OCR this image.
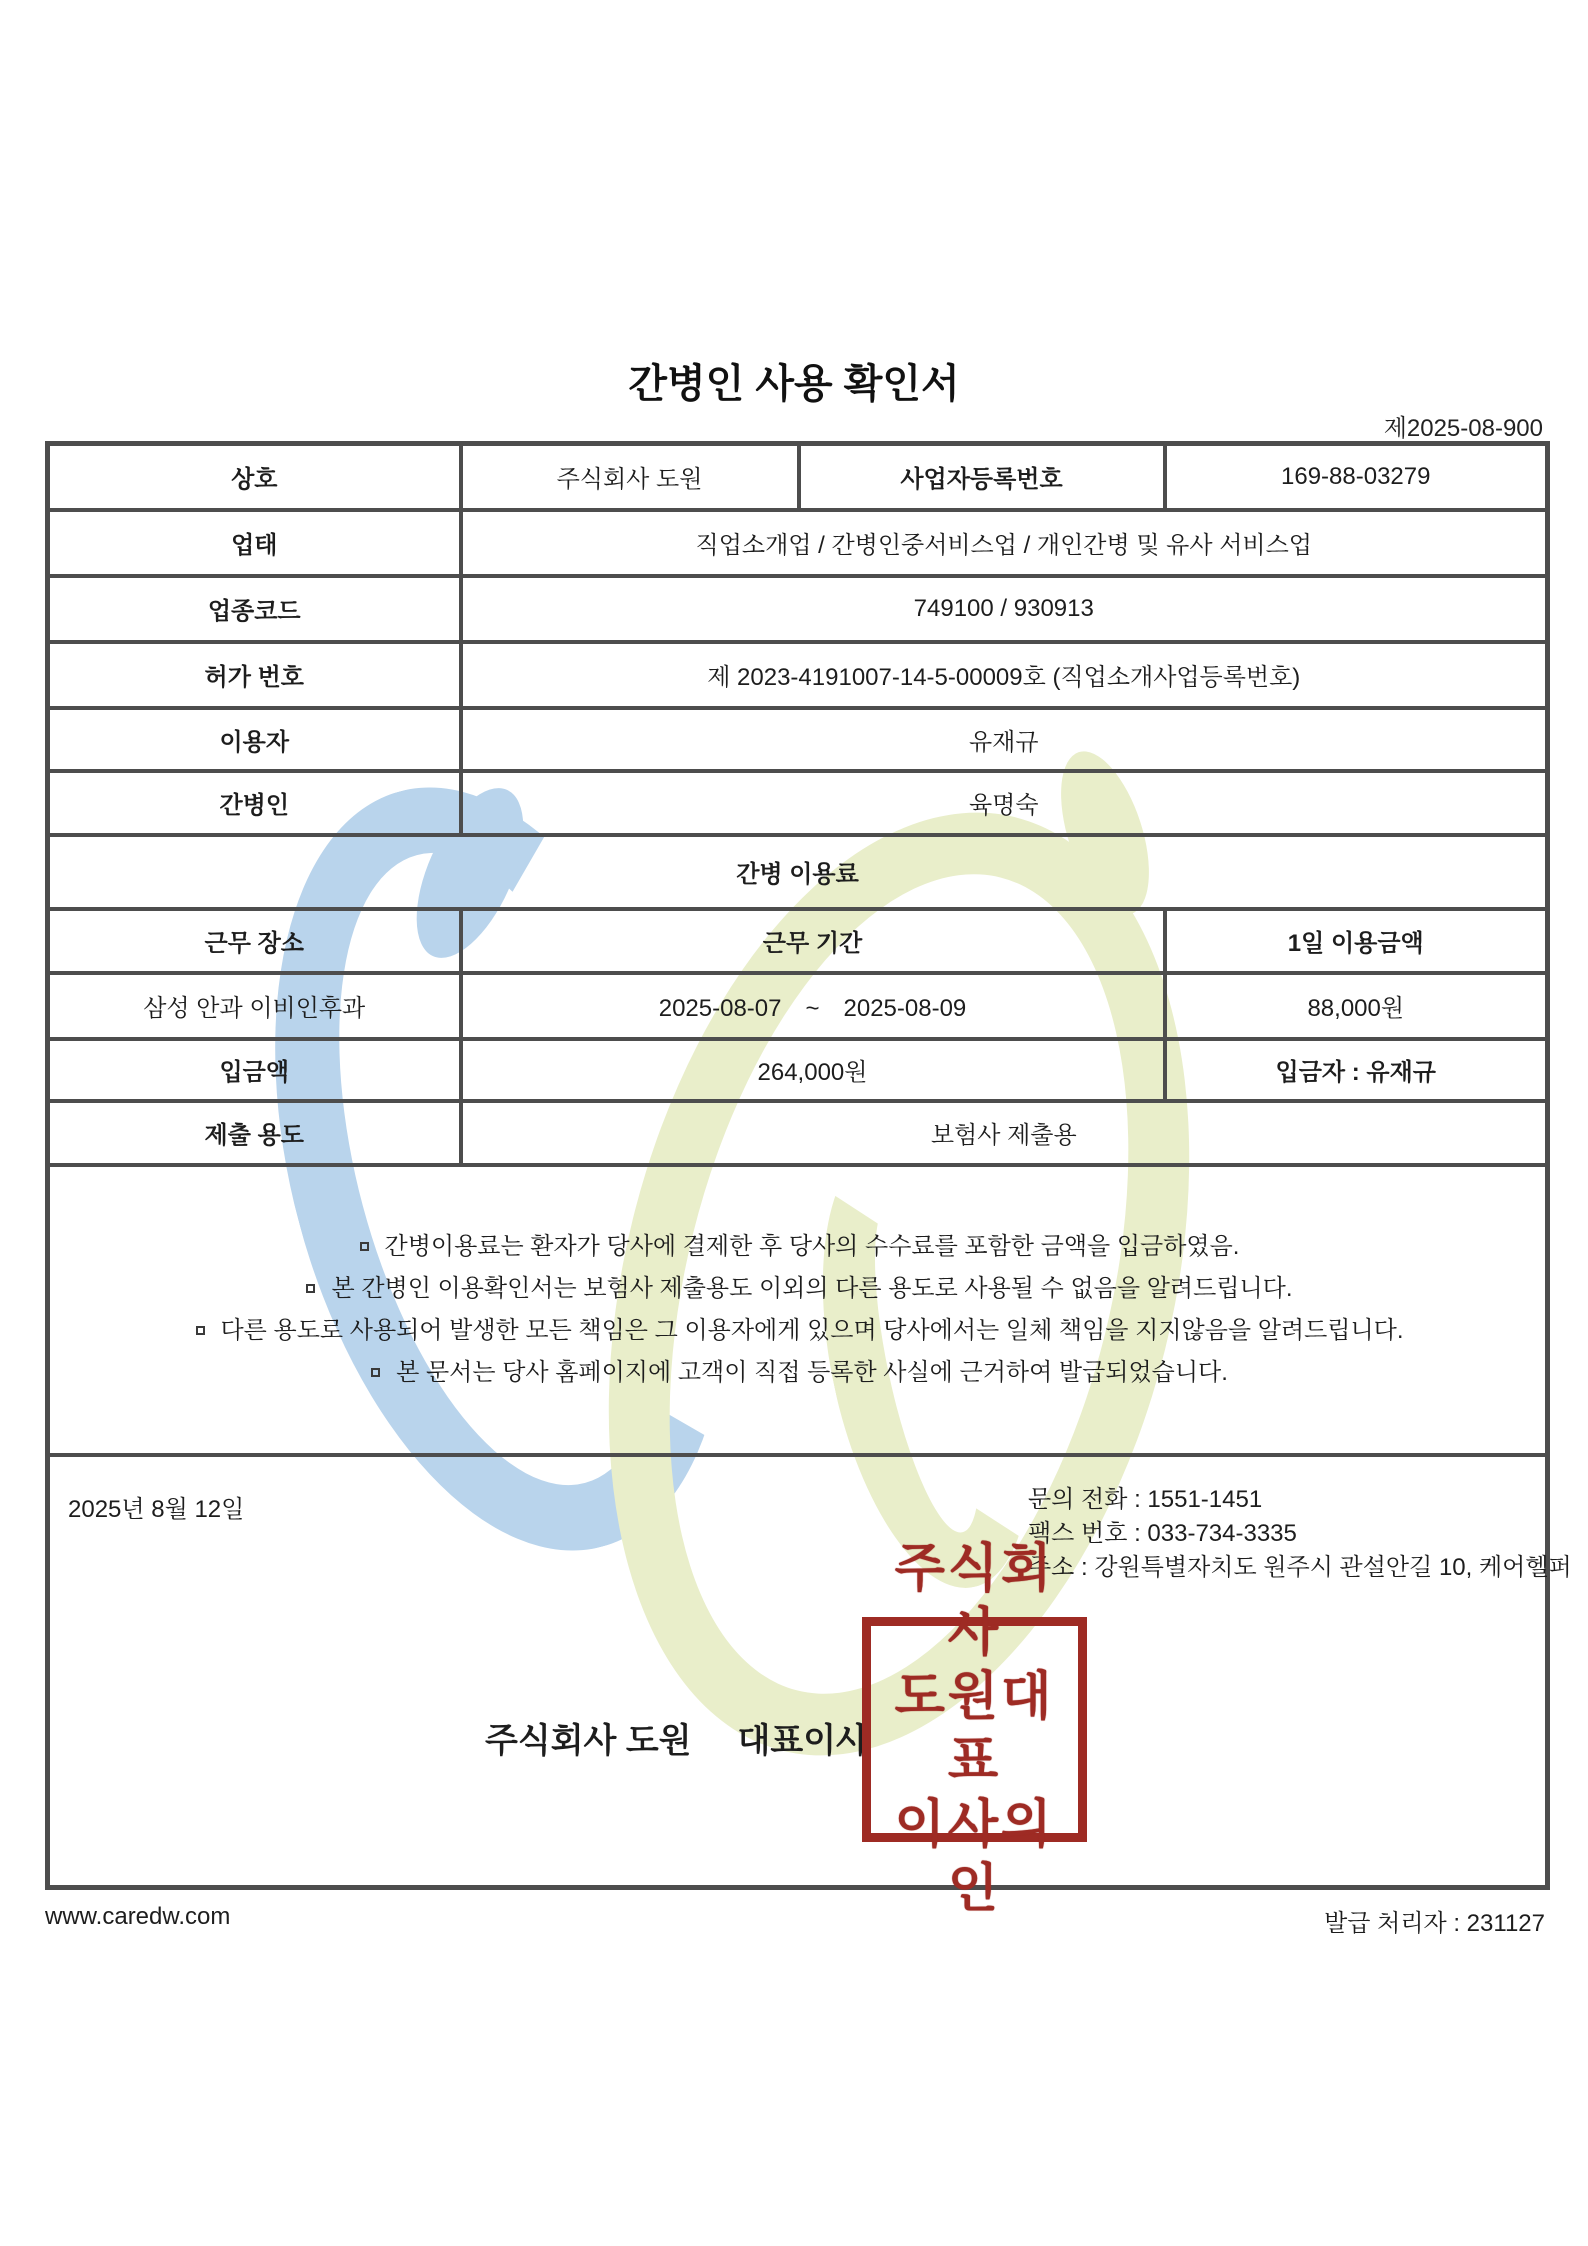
간병인 사용 확인서
제2025-08-900
상호	주식회사 도원	사업자등록번호	169-88-03279
업태	직업소개업 / 간병인중서비스업 / 개인간병 및 유사 서비스업		
업종코드	749100 / 930913		
허가 번호	제 2023-4191007-14-5-00009호 (직업소개사업등록번호)		
이용자	유재규		
간병인	육명숙		
간병 이용료			
근무 장소	근무 기간		1일 이용금액
삼성 안과 이비인후과	2025-08-07　~　2025-08-09		88,000원
입금액	264,000원		입금자 : 유재규
제출 용도	보험사 제출용		

간병이용료는 환자가 당사에 결제한 후 당사의 수수료를 포함한 금액을 입금하였음.
본 간병인 이용확인서는 보험사 제출용도 이외의 다른 용도로 사용될 수 없음을 알려드립니다.
다른 용도로 사용되어 발생한 모든 책임은 그 이용자에게 있으며 당사에서는 일체 책임을 지지않음을 알려드립니다.
본 문서는 당사 홈페이지에 고객이 직접 등록한 사실에 근거하여 발급되었습니다.			

2025년 8월 12일	문의 전화 : 1551-1451
팩스 번호 : 033-734-3335
주소 : 강원특별자치도 원주시 관설안길 10, 케어헬퍼
주식회사 도원 대표이사
주식회사
도원대표
이사의인
www.caredw.com	발급 처리자 : 231127
